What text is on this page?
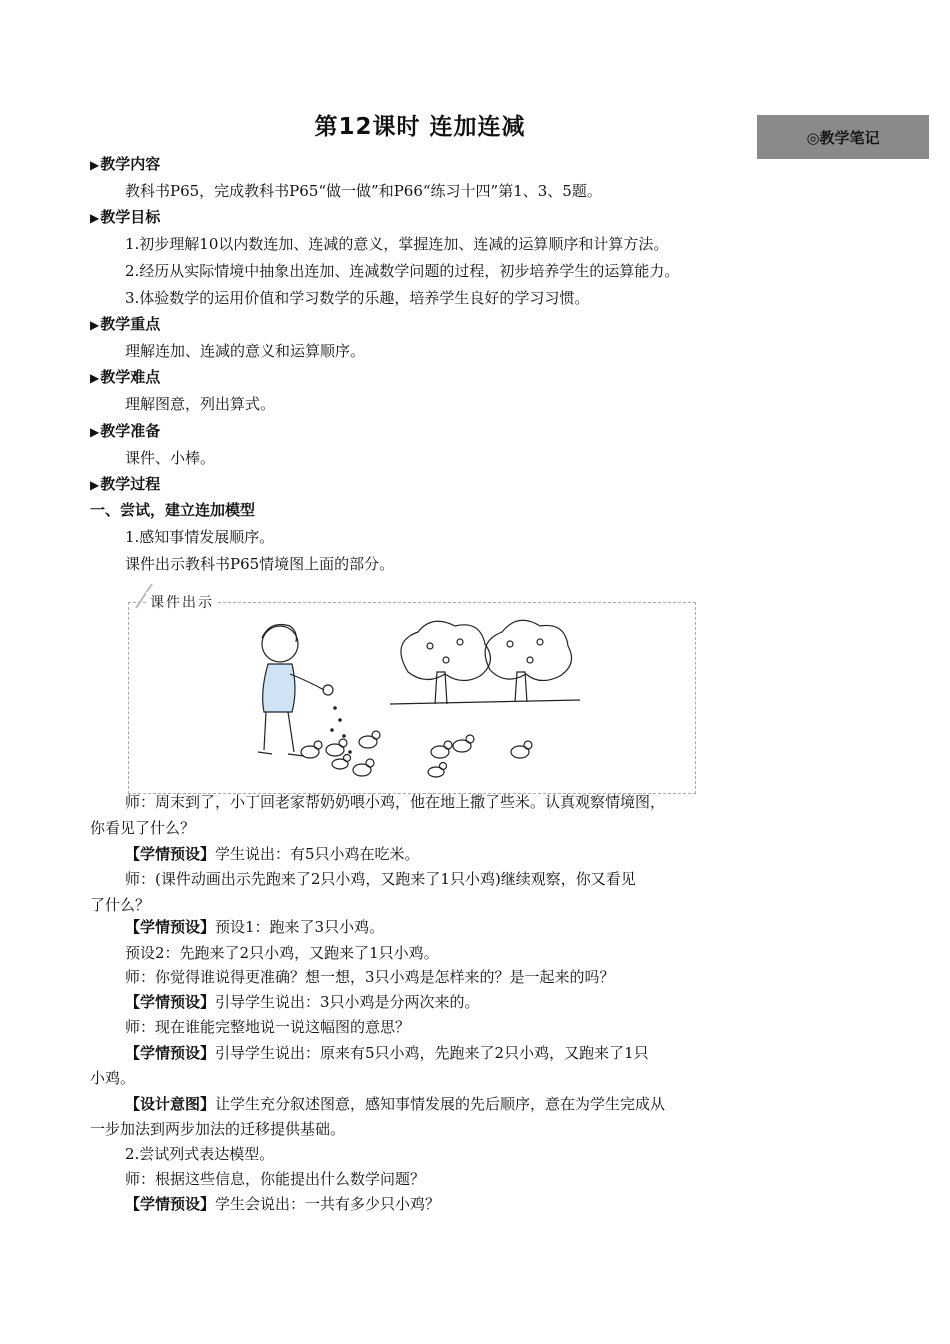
第12课时 连加连减	◎教学笔记
▶教学内容
教科书P65，完成教科书P65“做一做”和P66“练习十四”第1、3、5题。
▶教学目标
1.初步理解10以内数连加、连减的意义，掌握连加、连减的运算顺序和计算方法。
2.经历从实际情境中抽象出连加、连减数学问题的过程，初步培养学生的运算能力。
3.体验数学的运用价值和学习数学的乐趣，培养学生良好的学习习惯。
▶教学重点
理解连加、连减的意义和运算顺序。
▶教学难点
理解图意，列出算式。
▶教学准备
课件、小棒。
▶教学过程
一、尝试，建立连加模型
1.感知事情发展顺序。
课件出示教科书P65情境图上面的部分。
课件出示
师：周末到了，小丁回老家帮奶奶喂小鸡，他在地上撒了些米。认真观察情境图，
你看见了什么？
【学情预设】学生说出：有5只小鸡在吃米。
师：(课件动画出示先跑来了2只小鸡，又跑来了1只小鸡)继续观察，你又看见
了什么？
【学情预设】预设1：跑来了3只小鸡。
预设2：先跑来了2只小鸡，又跑来了1只小鸡。
师：你觉得谁说得更准确？想一想，3只小鸡是怎样来的？是一起来的吗？
【学情预设】引导学生说出：3只小鸡是分两次来的。
师：现在谁能完整地说一说这幅图的意思？
【学情预设】引导学生说出：原来有5只小鸡，先跑来了2只小鸡，又跑来了1只
小鸡。
【设计意图】让学生充分叙述图意，感知事情发展的先后顺序，意在为学生完成从
一步加法到两步加法的迁移提供基础。
2.尝试列式表达模型。
师：根据这些信息，你能提出什么数学问题？
【学情预设】学生会说出：一共有多少只小鸡？
